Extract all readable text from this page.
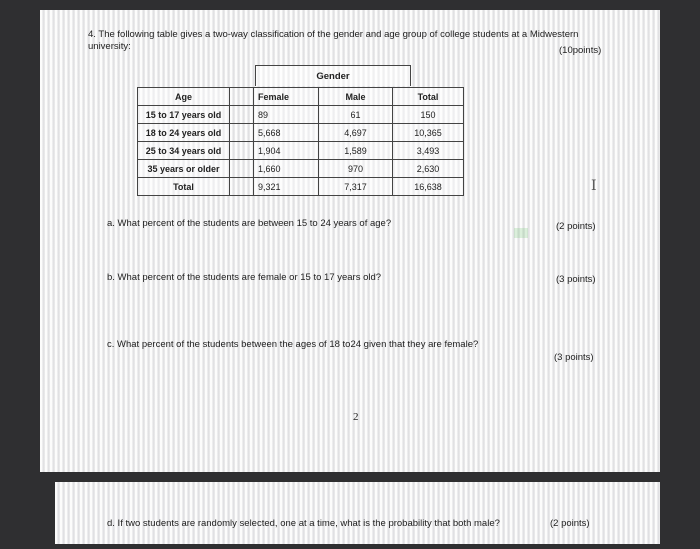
4. The following table gives a two-way classification of the gender and age group of college students at a Midwestern
university:	(10points)
Gender
Age		Female	Male	Total
15 to 17 years old		89	61	150
18 to 24 years old		5,668	4,697	10,365
25 to 34 years old		1,904	1,589	3,493
35 years or older		1,660	970	2,630
Total		9,321	7,317	16,638	I
a. What percent of the students are between 15 to 24 years of age?	(2 points)
b. What percent of the students are female or 15 to 17 years old?	(3 points)
c. What percent of the students between the ages of 18 to24 given that they are female?
(3 points)
2
d. If two students are randomly selected, one at a time, what is the probability that both male?	(2 points)
